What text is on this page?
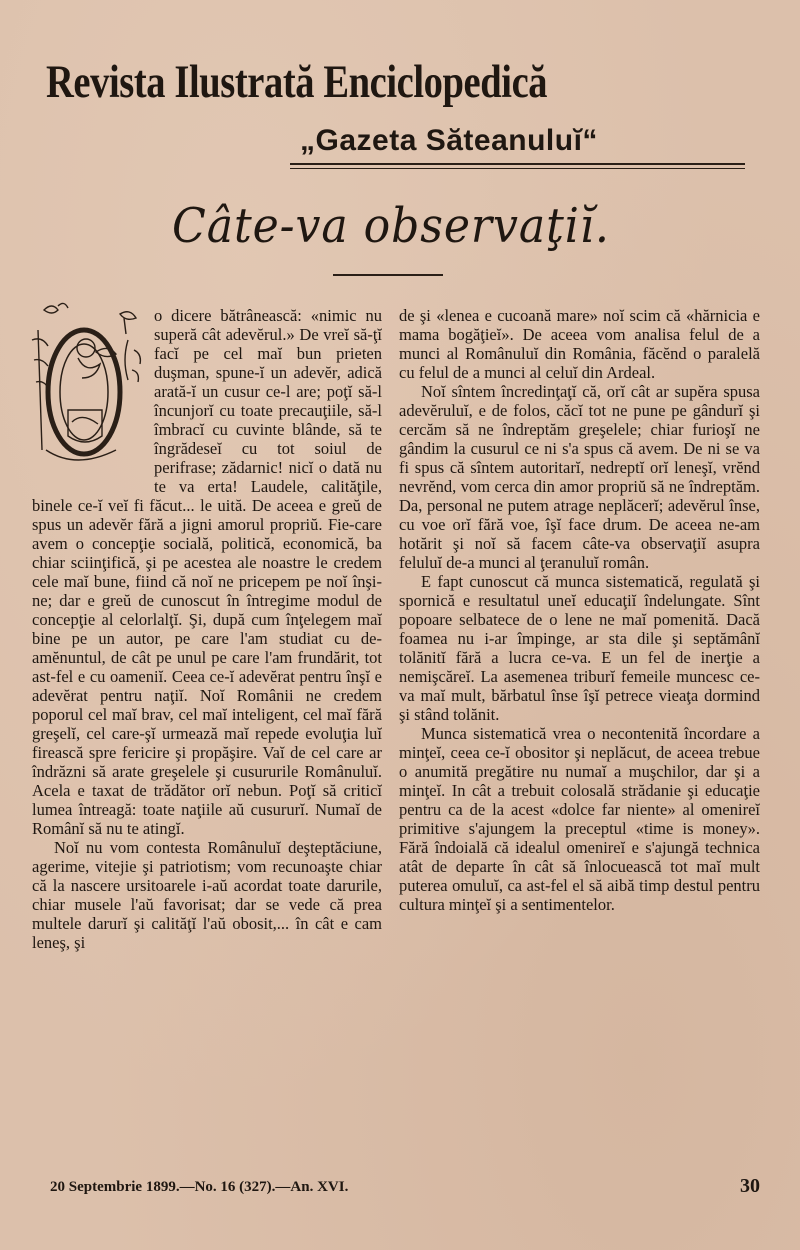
Revista Ilustrată Enciclopedică
„Gazeta Săteanuluĭ“
Câte-va observaţiĭ.

o dicere bătrânească: «nimic nu superă cât adevĕrul.» De vreĭ să-ţĭ facĭ pe cel maĭ bun prieten duşman, spune-ĭ un adevĕr, adică arată-ĭ un cusur ce-l are; poţĭ să-l încunjorĭ cu toate precauţiile, să-l îmbracĭ cu cuvinte blânde, să te îngrădeseĭ cu tot soiul de perifrase; zădarnic! nicĭ o dată nu te va erta! Laudele, calităţile, binele ce-ĭ veĭ fi făcut... le uită. De aceea e greŭ de spus un adevĕr fără a jigni amorul propriŭ. Fie-care avem o concepţie socială, politică, economică, ba chiar sciinţifică, şi pe acestea ale noastre le credem cele maĭ bune, fiind că noĭ ne pricepem pe noĭ înşi-ne; dar e greŭ de cunoscut în întregime modul de concepţie al celorlalţĭ. Şi, după cum înţelegem maĭ bine pe un autor, pe care l'am studiat cu de-amĕnuntul, de cât pe unul pe care l'am frundărit, tot ast-fel e cu oameniĭ. Ceea ce-ĭ adevĕrat pentru înşĭ e adevĕrat pentru naţiĭ. Noĭ Românii ne credem poporul cel maĭ brav, cel maĭ inteligent, cel maĭ fără greşelĭ, cel care-şĭ urmează maĭ repede evoluţia luĭ firească spre fericire şi propăşire. Vaĭ de cel care ar îndrăzni să arate greşelele şi cusururile Românuluĭ. Acela e taxat de trădător orĭ nebun. Poţĭ să criticĭ lumea întreagă: toate naţiile aŭ cusururĭ. Numaĭ de Românĭ să nu te atingĭ.

Noĭ nu vom contesta Românuluĭ deşteptăciune, agerime, vitejie şi patriotism; vom recunoaşte chiar că la nascere ursitoarele i-aŭ acordat toate darurile, chiar musele l'aŭ favorisat; dar se vede că prea multele darurĭ şi calităţĭ l'aŭ obosit,... în cât e cam leneş, şi

de şi «lenea e cucoană mare» noĭ scim că «hărnicia e mama bogăţieĭ». De aceea vom analisa felul de a munci al Românuluĭ din România, făcĕnd o paralelă cu felul de a munci al celuĭ din Ardeal.

Noĭ sîntem încredinţaţĭ că, orĭ cât ar supĕra spusa adevĕruluĭ, e de folos, căcĭ tot ne pune pe gândurĭ şi cercăm să ne îndreptăm greşelele; chiar furioşĭ ne gândim la cusurul ce ni s'a spus că avem. De ni se va fi spus că sîntem autoritarĭ, nedreptĭ orĭ leneşĭ, vrĕnd nevrĕnd, vom cerca din amor propriŭ să ne îndreptăm. Da, personal ne putem atrage neplăcerĭ; adevĕrul înse, cu voe orĭ fără voe, îşĭ face drum. De aceea ne-am hotărit şi noĭ să facem câte-va observaţiĭ asupra feluluĭ de-a munci al ţeranuluĭ român.

E fapt cunoscut că munca sistematică, regulată şi spornică e resultatul uneĭ educaţiĭ îndelungate. Sînt popoare selbatece de o lene ne maĭ pomenită. Dacă foamea nu i-ar împinge, ar sta dile şi septămânĭ tolănitĭ fără a lucra ce-va. E un fel de inerţie a nemişcăreĭ. La asemenea triburĭ femeile muncesc ce-va maĭ mult, bărbatul înse îşĭ petrece vieaţa dormind şi stând tolănit.

Munca sistematică vrea o necontenită încordare a minţeĭ, ceea ce-ĭ obositor şi neplăcut, de aceea trebue o anumită pregătire nu numaĭ a muşchilor, dar şi a minţeĭ. In cât a trebuit colosală strădanie şi educaţie pentru ca de la acest «dolce far niente» al omenireĭ primitive s'ajungem la preceptul «time is money». Fără îndoială că idealul omenireĭ e s'ajungă technica atât de departe în cât să înlocuească tot maĭ mult puterea omuluĭ, ca ast-fel el să aibă timp destul pentru cultura minţeĭ şi a sentimentelor.

20 Septembrie 1899.—No. 16 (327).—An. XVI.	30
